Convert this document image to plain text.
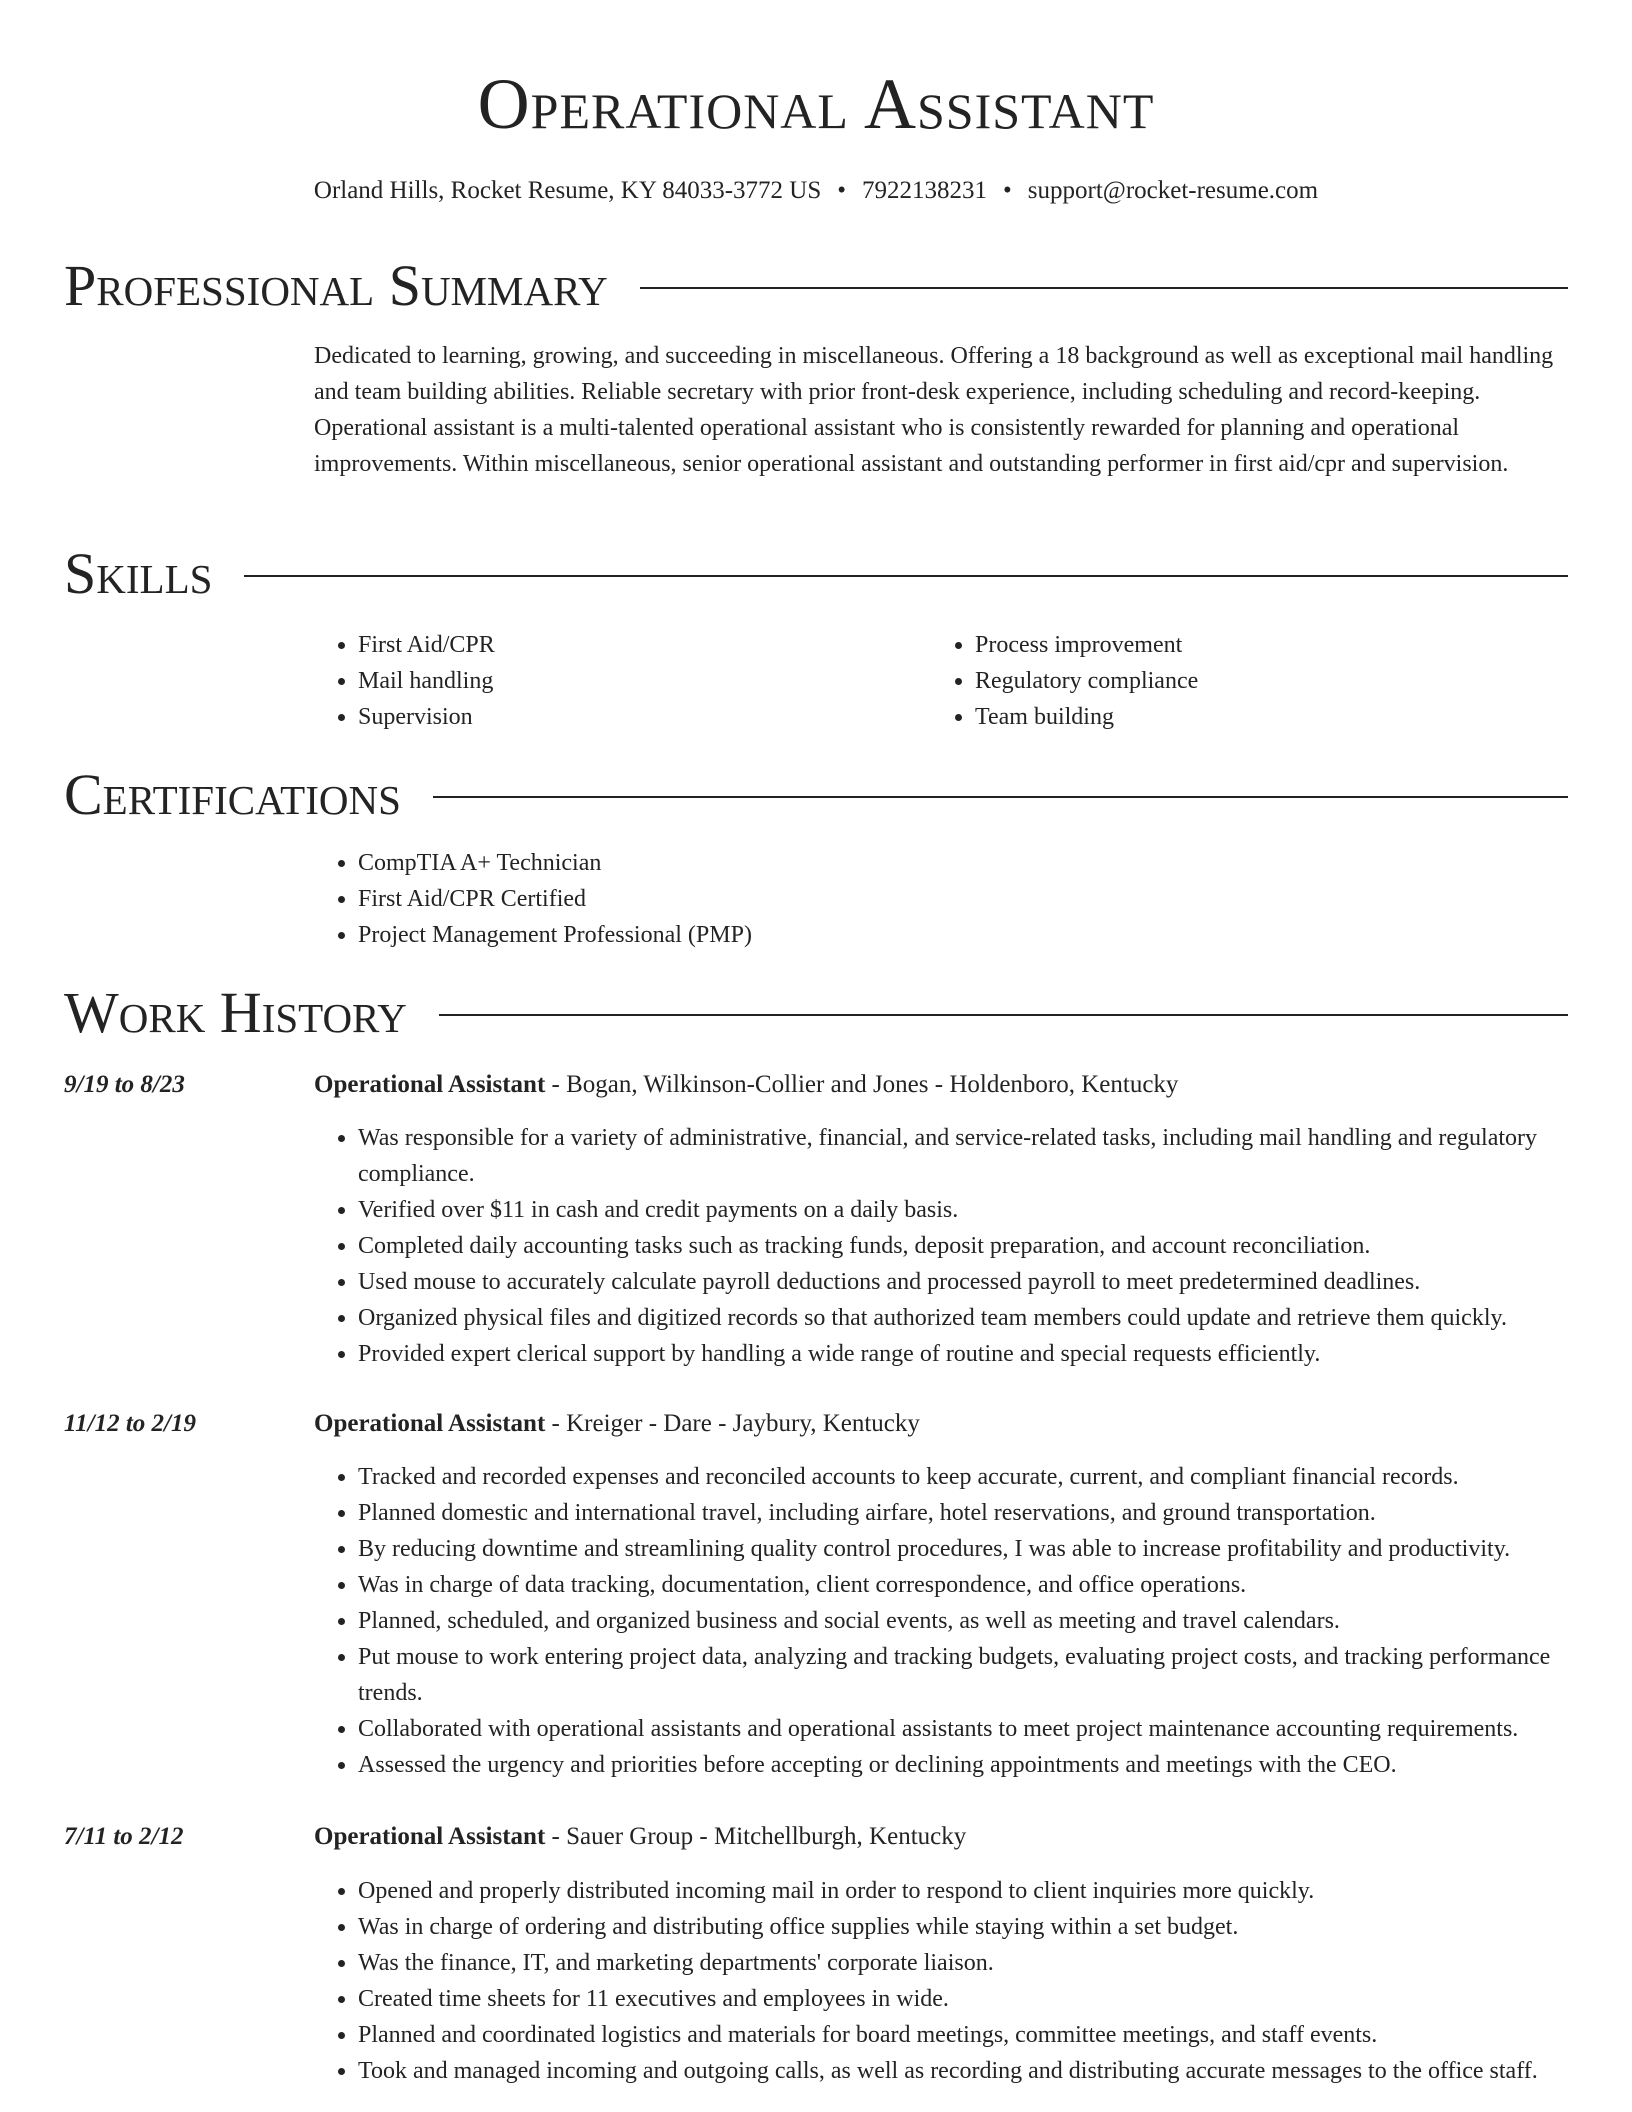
Operational Assistant
Orland Hills, Rocket Resume, KY 84033-3772 US • 7922138231 • support@rocket-resume.com
Professional Summary

Dedicated to learning, growing, and succeeding in miscellaneous. Offering a 18 background as well as exceptional mail handling and team building abilities. Reliable secretary with prior front-desk experience, including scheduling and record-keeping. Operational assistant is a multi-talented operational assistant who is consistently rewarded for planning and operational improvements. Within miscellaneous, senior operational assistant and outstanding performer in first aid/cpr and supervision.

Skills
• First Aid/CPR
• Mail handling
• Supervision
• Process improvement
• Regulatory compliance
• Team building
Certifications
• CompTIA A+ Technician
• First Aid/CPR Certified
• Project Management Professional (PMP)
Work History
9/19 to 8/23	Operational Assistant - Bogan, Wilkinson-Collier and Jones - Holdenboro, Kentucky
• Was responsible for a variety of administrative, financial, and service-related tasks, including mail handling and regulatory compliance.
• Verified over $11 in cash and credit payments on a daily basis.
• Completed daily accounting tasks such as tracking funds, deposit preparation, and account reconciliation.
• Used mouse to accurately calculate payroll deductions and processed payroll to meet predetermined deadlines.
• Organized physical files and digitized records so that authorized team members could update and retrieve them quickly.
• Provided expert clerical support by handling a wide range of routine and special requests efficiently.
11/12 to 2/19	Operational Assistant - Kreiger - Dare - Jaybury, Kentucky
• Tracked and recorded expenses and reconciled accounts to keep accurate, current, and compliant financial records.
• Planned domestic and international travel, including airfare, hotel reservations, and ground transportation.
• By reducing downtime and streamlining quality control procedures, I was able to increase profitability and productivity.
• Was in charge of data tracking, documentation, client correspondence, and office operations.
• Planned, scheduled, and organized business and social events, as well as meeting and travel calendars.
• Put mouse to work entering project data, analyzing and tracking budgets, evaluating project costs, and tracking performance trends.
• Collaborated with operational assistants and operational assistants to meet project maintenance accounting requirements.
• Assessed the urgency and priorities before accepting or declining appointments and meetings with the CEO.
7/11 to 2/12	Operational Assistant - Sauer Group - Mitchellburgh, Kentucky
• Opened and properly distributed incoming mail in order to respond to client inquiries more quickly.
• Was in charge of ordering and distributing office supplies while staying within a set budget.
• Was the finance, IT, and marketing departments' corporate liaison.
• Created time sheets for 11 executives and employees in wide.
• Planned and coordinated logistics and materials for board meetings, committee meetings, and staff events.
• Took and managed incoming and outgoing calls, as well as recording and distributing accurate messages to the office staff.
